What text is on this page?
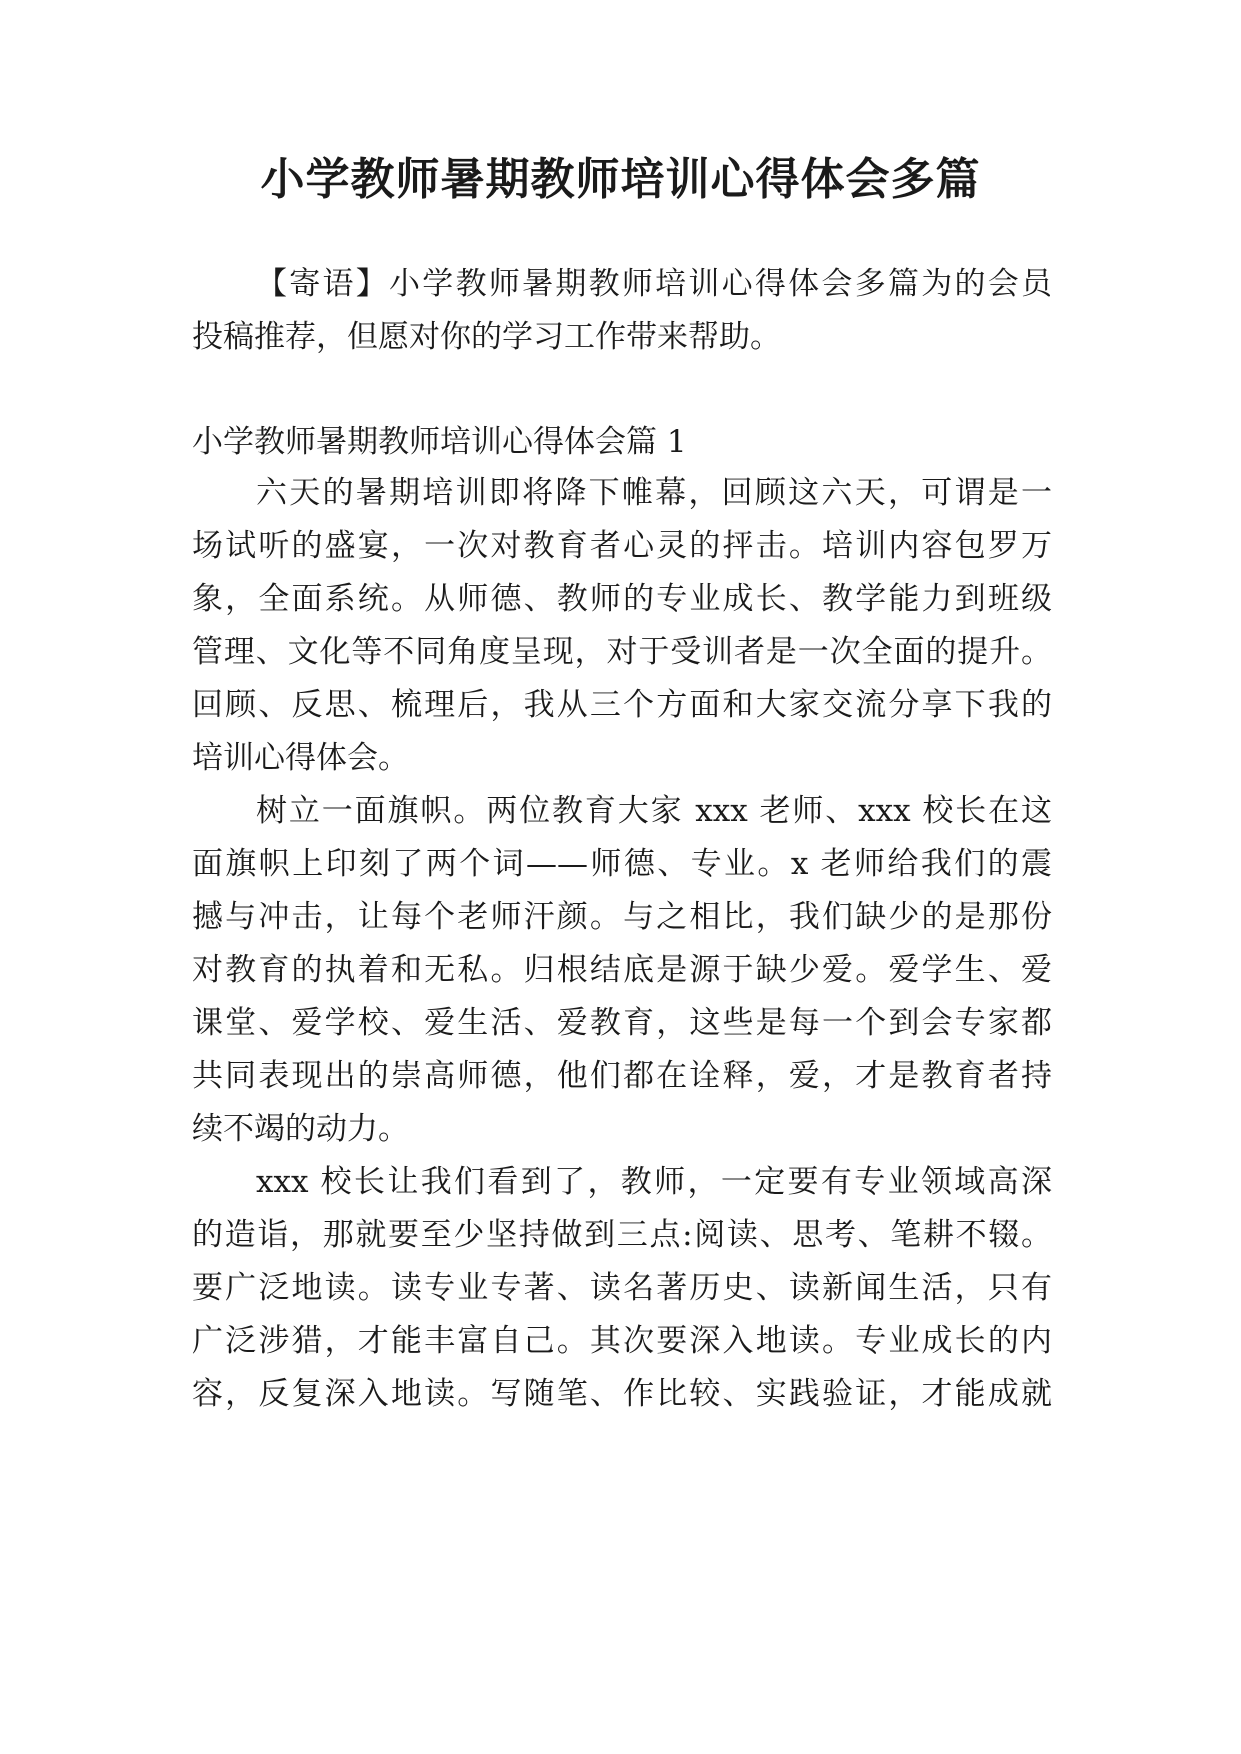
小学教师暑期教师培训心得体会多篇
【寄语】小学教师暑期教师培训心得体会多篇为的会员
投稿推荐，但愿对你的学习工作带来帮助。
小学教师暑期教师培训心得体会篇 1
六天的暑期培训即将降下帷幕，回顾这六天，可谓是一
场试听的盛宴，一次对教育者心灵的抨击。培训内容包罗万
象，全面系统。从师德、教师的专业成长、教学能力到班级
管理、文化等不同角度呈现，对于受训者是一次全面的提升。
回顾、反思、梳理后，我从三个方面和大家交流分享下我的
培训心得体会。
树立一面旗帜。两位教育大家 xxx 老师、xxx 校长在这
面旗帜上印刻了两个词——师德、专业。x 老师给我们的震
撼与冲击，让每个老师汗颜。与之相比，我们缺少的是那份
对教育的执着和无私。归根结底是源于缺少爱。爱学生、爱
课堂、爱学校、爱生活、爱教育，这些是每一个到会专家都
共同表现出的崇高师德，他们都在诠释，爱，才是教育者持
续不竭的动力。
xxx 校长让我们看到了，教师，一定要有专业领域高深
的造诣，那就要至少坚持做到三点:阅读、思考、笔耕不辍。
要广泛地读。读专业专著、读名著历史、读新闻生活，只有
广泛涉猎，才能丰富自己。其次要深入地读。专业成长的内
容，反复深入地读。写随笔、作比较、实践验证，才能成就
